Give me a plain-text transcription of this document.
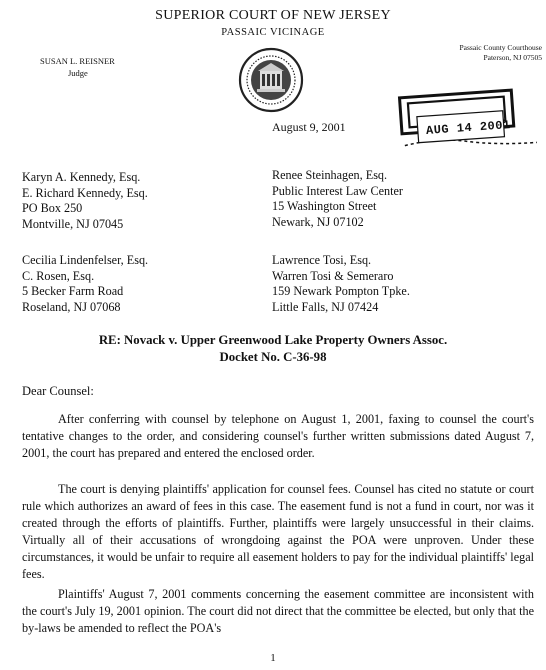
SUPERIOR COURT OF NEW JERSEY
PASSAIC VICINAGE
SUSAN L. REISNER
Judge
Passaic County Courthouse
Paterson, NJ 07505
August 9, 2001	AUG 14 2001
Karyn A. Kennedy, Esq.
E. Richard Kennedy, Esq.
PO Box 250
Montville, NJ 07045
Renee Steinhagen, Esq.
Public Interest Law Center
15 Washington Street
Newark, NJ 07102
Cecilia Lindenfelser, Esq.
C. Rosen, Esq.
5 Becker Farm Road
Roseland, NJ 07068
Lawrence Tosi, Esq.
Warren Tosi & Semeraro
159 Newark Pompton Tpke.
Little Falls, NJ 07424
RE: Novack v. Upper Greenwood Lake Property Owners Assoc.
Docket No. C-36-98
Dear Counsel:

After conferring with counsel by telephone on August 1, 2001, faxing to counsel the court's tentative changes to the order, and considering counsel's further written submissions dated August 7, 2001, the court has prepared and entered the enclosed order.

The court is denying plaintiffs' application for counsel fees. Counsel has cited no statute or court rule which authorizes an award of fees in this case. The easement fund is not a fund in court, nor was it created through the efforts of plaintiffs. Further, plaintiffs were largely unsuccessful in their claims. Virtually all of their accusations of wrongdoing against the POA were unproven. Under these circumstances, it would be unfair to require all easement holders to pay for the individual plaintiffs' legal fees.

Plaintiffs' August 7, 2001 comments concerning the easement committee are inconsistent with the court's July 19, 2001 opinion. The court did not direct that the committee be elected, but only that the by-laws be amended to reflect the POA's

1
